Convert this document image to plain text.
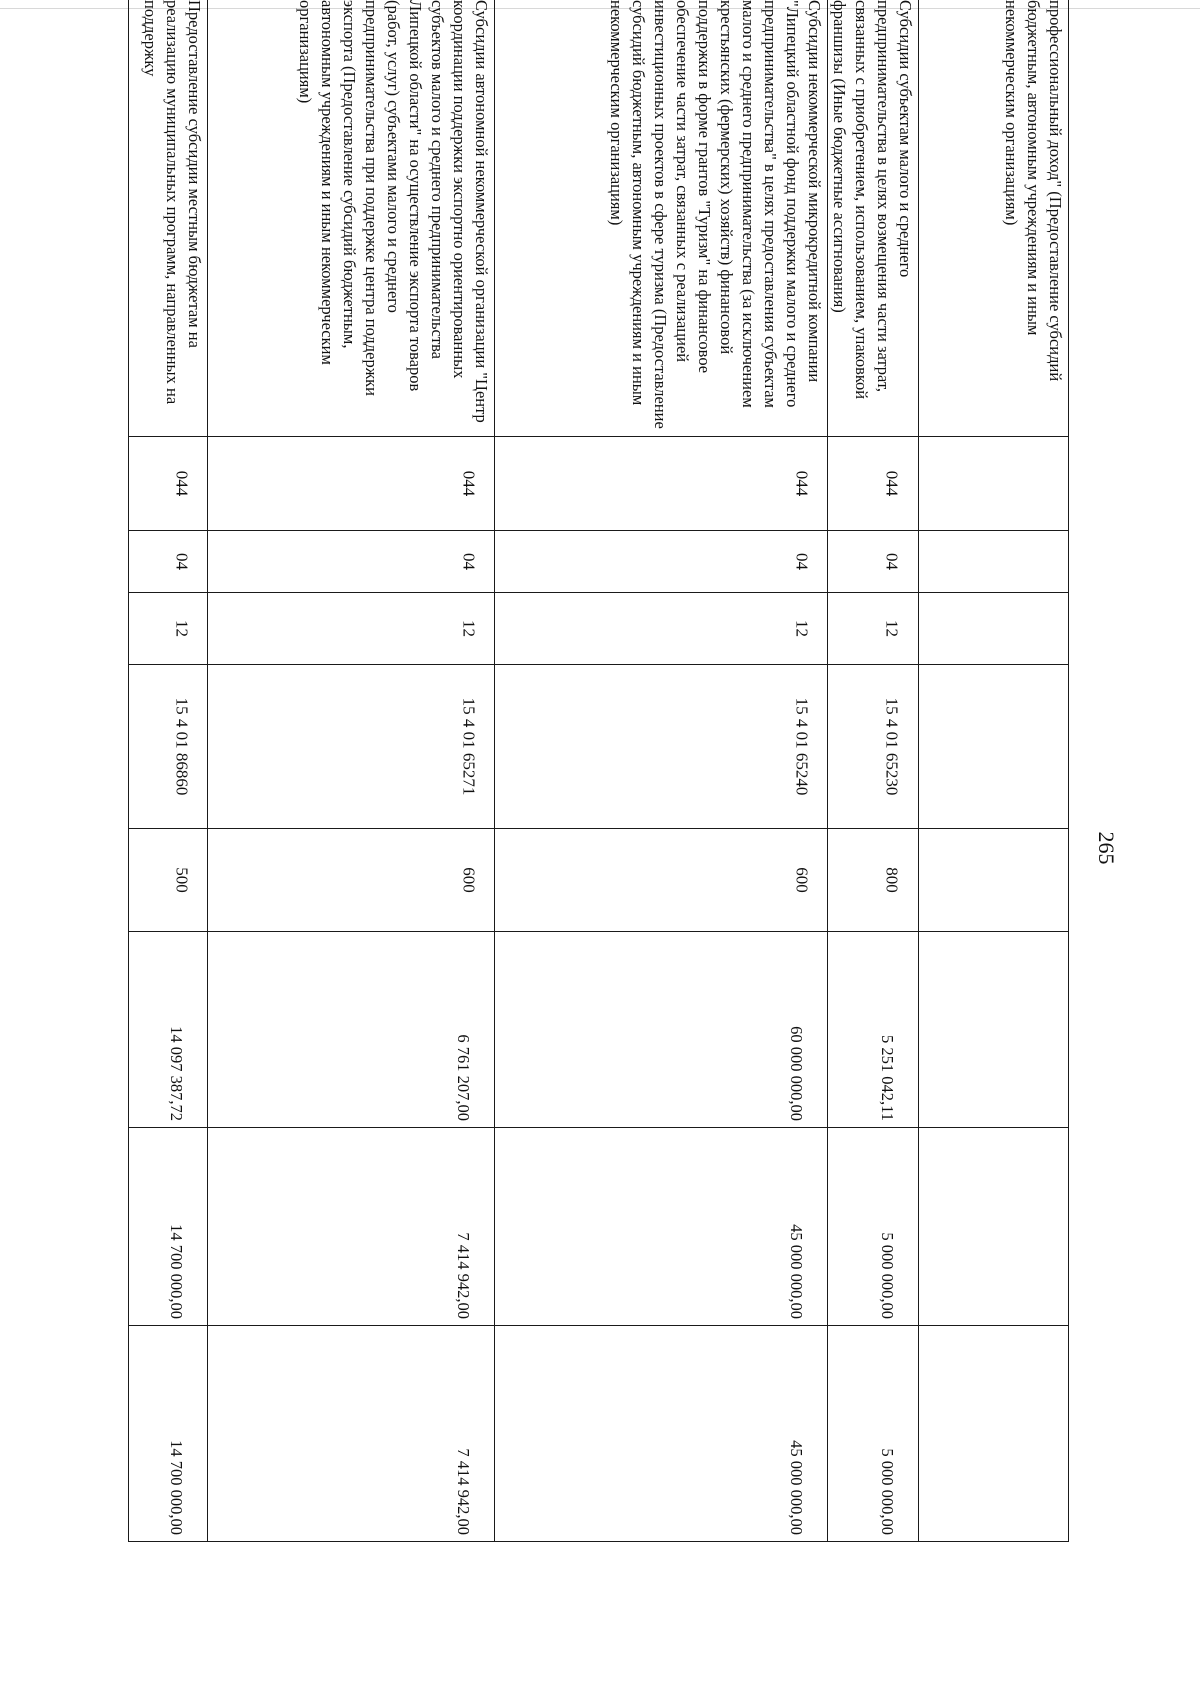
265
профессиональный доход" (Предоставление субсидий бюджетным, автономным учреждениям и иным некоммерческим организациям)								
Субсидии субъектам малого и среднего предпринимательства в целях возмещения части затрат, связанных с приобретением, использованием, упаковкой франшизы (Иные бюджетные ассигнования)	044	04	12	15 4 01 65230	800	5 251 042,11	5 000 000,00	5 000 000,00

Субсидии некоммерческой микрокредитной компании "Липецкий областной фонд поддержки малого и среднего предпринимательства" в целях предоставления субъектам малого и среднего предпринимательства (за исключением крестьянских (фермерских) хозяйств) финансовой поддержки в форме грантов "Туризм" на финансовое обеспечение части затрат, связанных с реализацией инвестиционных проектов в сфере туризма (Предоставление субсидий бюджетным, автономным учреждениям и иным некоммерческим организациям)	044	04	12	15 4 01 65240	600	60 000 000,00	45 000 000,00	45 000 000,00

Субсидии автономной некоммерческой организации "Центр координации поддержки экспортно ориентированных субъектов малого и среднего предпринимательства Липецкой области" на осуществление экспорта товаров (работ, услуг) субъектами малого и среднего предпринимательства при поддержке центра поддержки экспорта (Предоставление субсидий бюджетным, автономным учреждениям и иным некоммерческим организациям)	044	04	12	15 4 01 65271	600	6 761 207,00	7 414 942,00	7 414 942,00

Предоставление субсидии местным бюджетам на реализацию муниципальных программ, направленных на поддержку	044	04	12	15 4 01 86860	500	14 097 387,72	14 700 000,00	14 700 000,00
